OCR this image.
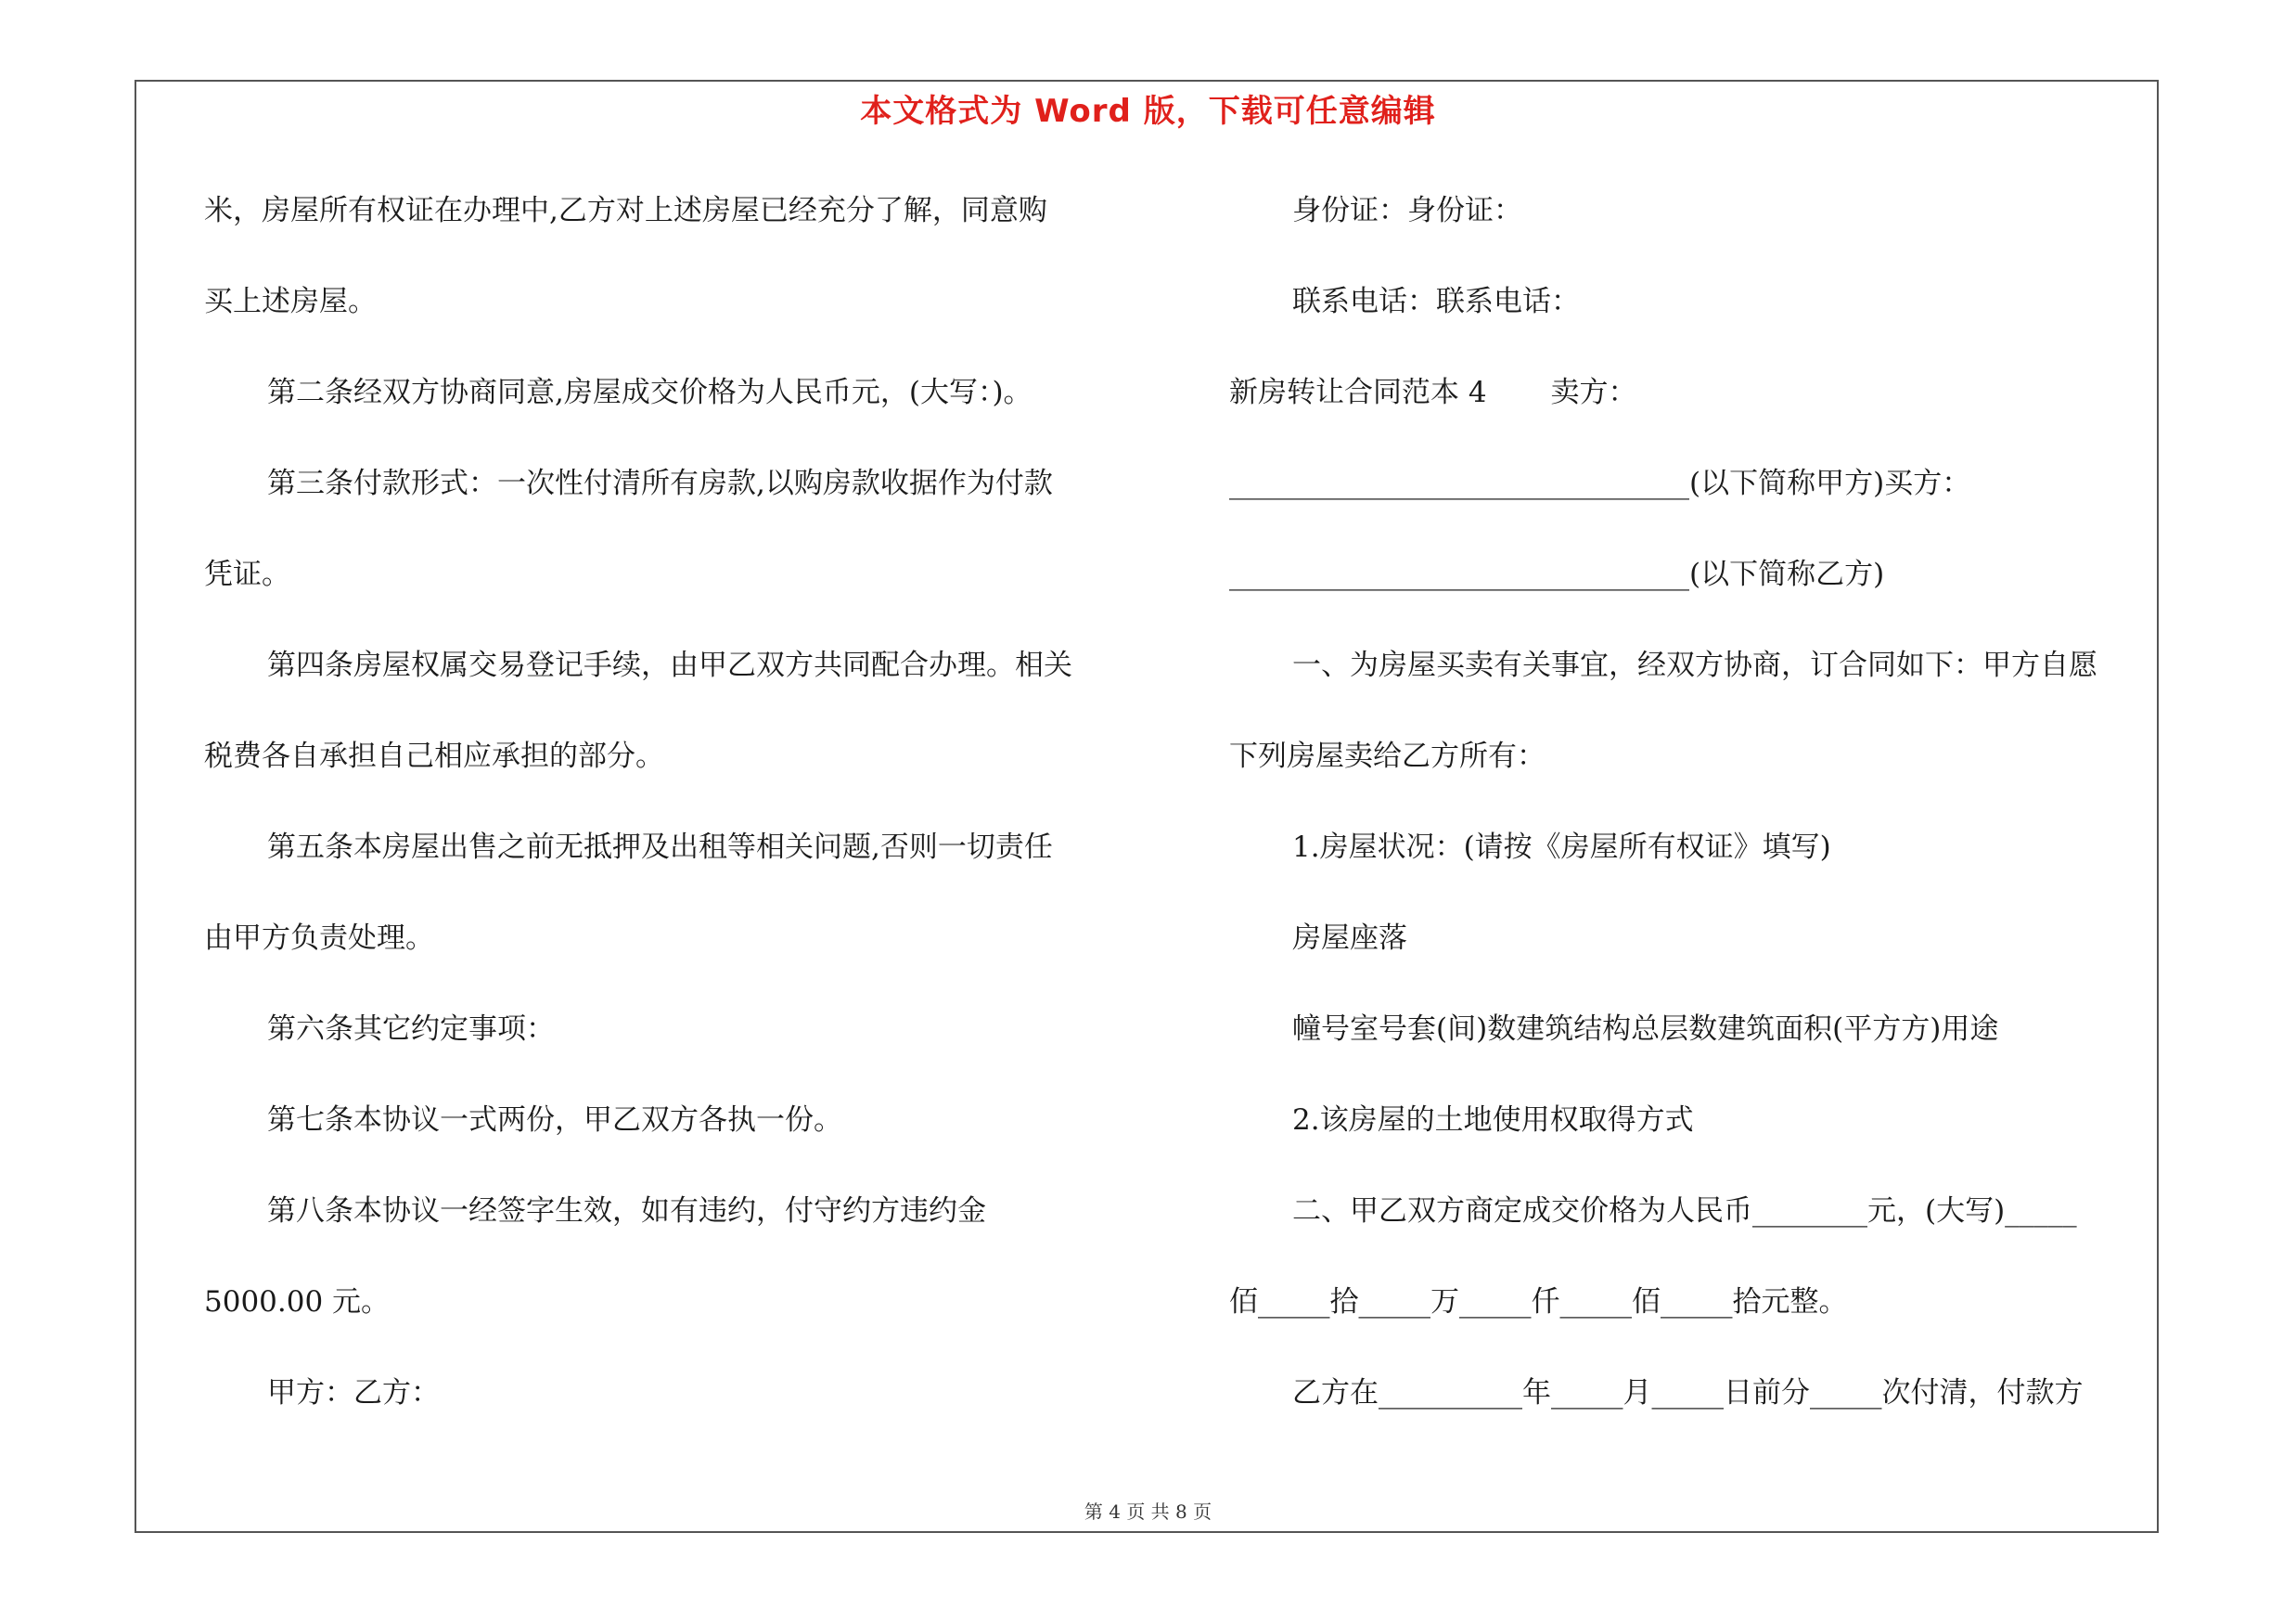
本文格式为 Word 版，下载可任意编辑
米，房屋所有权证在办理中,乙方对上述房屋已经充分了解，同意购
买上述房屋。
第二条经双方协商同意,房屋成交价格为人民币元，(大写：)。
第三条付款形式：一次性付清所有房款,以购房款收据作为付款
凭证。
第四条房屋权属交易登记手续，由甲乙双方共同配合办理。相关
税费各自承担自己相应承担的部分。
第五条本房屋出售之前无抵押及出租等相关问题,否则一切责任
由甲方负责处理。
第六条其它约定事项：
第七条本协议一式两份，甲乙双方各执一份。
第八条本协议一经签字生效，如有违约，付守约方违约金
5000.00 元。
甲方：乙方：
身份证：身份证：
联系电话：联系电话：
新房转让合同范本 4       卖方：
________________________________(以下简称甲方)买方：
________________________________(以下简称乙方)
一、为房屋买卖有关事宜，经双方协商，订合同如下：甲方自愿
下列房屋卖给乙方所有：
1.房屋状况：(请按《房屋所有权证》填写)
房屋座落
幢号室号套(间)数建筑结构总层数建筑面积(平方方)用途
2.该房屋的土地使用权取得方式
二、甲乙双方商定成交价格为人民币________元，(大写)_____
佰_____拾_____万_____仟_____佰_____拾元整。
乙方在__________年_____月_____日前分_____次付清，付款方
第 4 页 共 8 页
